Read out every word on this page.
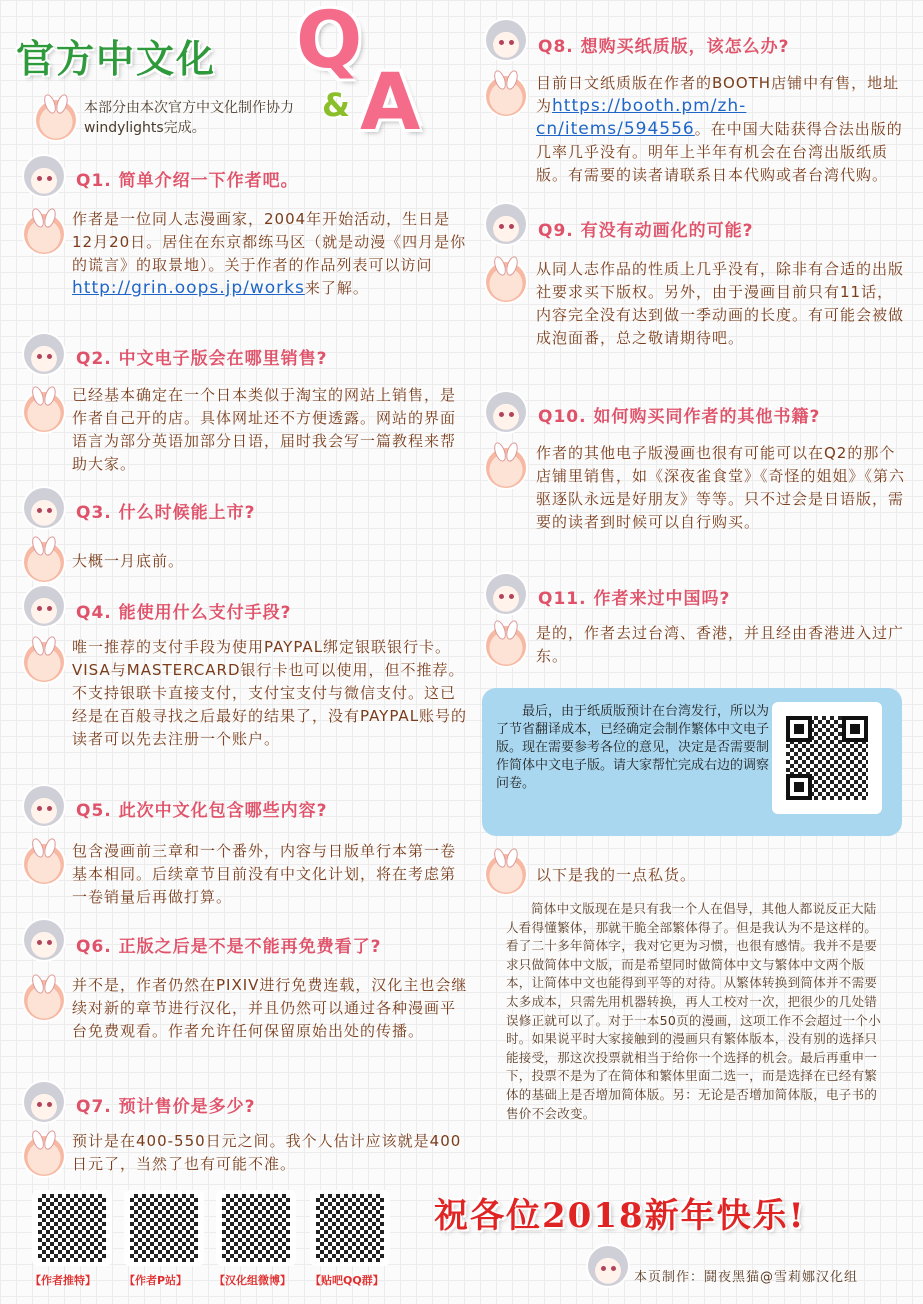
官方中文化 Q
& A
本部分由本次官方中文化制作协力windylights完成。
Q1. 简单介绍一下作者吧。
作者是一位同人志漫画家，2004年开始活动，生日是12月20日。居住在东京都练马区（就是动漫《四月是你的谎言》的取景地）。关于作者的作品列表可以访问http://grin.oops.jp/works来了解。
Q2. 中文电子版会在哪里销售?
已经基本确定在一个日本类似于淘宝的网站上销售，是作者自己开的店。具体网址还不方便透露。网站的界面语言为部分英语加部分日语，届时我会写一篇教程来帮助大家。
Q3. 什么时候能上市?
大概一月底前。
Q4. 能使用什么支付手段?
唯一推荐的支付手段为使用PAYPAL绑定银联银行卡。VISA与MASTERCARD银行卡也可以使用，但不推荐。不支持银联卡直接支付，支付宝支付与微信支付。这已经是在百般寻找之后最好的结果了，没有PAYPAL账号的读者可以先去注册一个账户。
Q5. 此次中文化包含哪些内容?
包含漫画前三章和一个番外，内容与日版单行本第一卷基本相同。后续章节目前没有中文化计划，将在考虑第一卷销量后再做打算。
Q6. 正版之后是不是不能再免费看了?
并不是，作者仍然在PIXIV进行免费连载，汉化主也会继续对新的章节进行汉化，并且仍然可以通过各种漫画平台免费观看。作者允许任何保留原始出处的传播。
Q7. 预计售价是多少?
预计是在400-550日元之间。我个人估计应该就是400日元了，当然了也有可能不准。
Q8. 想购买纸质版，该怎么办?
目前日文纸质版在作者的BOOTH店铺中有售，地址为https://booth.pm/zh-cn/items/594556。在中国大陆获得合法出版的几率几乎没有。明年上半年有机会在台湾出版纸质版。有需要的读者请联系日本代购或者台湾代购。
Q9. 有没有动画化的可能?
从同人志作品的性质上几乎没有，除非有合适的出版社要求买下版权。另外，由于漫画目前只有11话，内容完全没有达到做一季动画的长度。有可能会被做成泡面番，总之敬请期待吧。
Q10. 如何购买同作者的其他书籍?
作者的其他电子版漫画也很有可能可以在Q2的那个店铺里销售，如《深夜雀食堂》《奇怪的姐姐》《第六驱逐队永远是好朋友》等等。只不过会是日语版，需要的读者到时候可以自行购买。
Q11. 作者来过中国吗?
是的，作者去过台湾、香港，并且经由香港进入过广东。
最后，由于纸质版预计在台湾发行，所以为了节省翻译成本，已经确定会制作繁体中文电子版。现在需要参考各位的意见，决定是否需要制作简体中文电子版。请大家帮忙完成右边的调察问卷。
以下是我的一点私货。
简体中文版现在是只有我一个人在倡导，其他人都说反正大陆人看得懂繁体，那就干脆全部繁体得了。但是我认为不是这样的。看了二十多年简体字，我对它更为习惯，也很有感情。我并不是要求只做简体中文版，而是希望同时做简体中文与繁体中文两个版本，让简体中文也能得到平等的对待。从繁体转换到简体并不需要太多成本，只需先用机器转换，再人工校对一次，把很少的几处错误修正就可以了。对于一本50页的漫画，这项工作不会超过一个小时。如果说平时大家接触到的漫画只有繁体版本，没有别的选择只能接受，那这次投票就相当于给你一个选择的机会。最后再重申一下，投票不是为了在简体和繁体里面二选一，而是选择在已经有繁体的基础上是否增加简体版。另：无论是否增加简体版，电子书的售价不会改变。
【作者推特】	【作者P站】 【汉化组微博】 【贴吧QQ群】
祝各位2018新年快乐!
本页制作：鬪夜黑猫@雪莉娜汉化组
